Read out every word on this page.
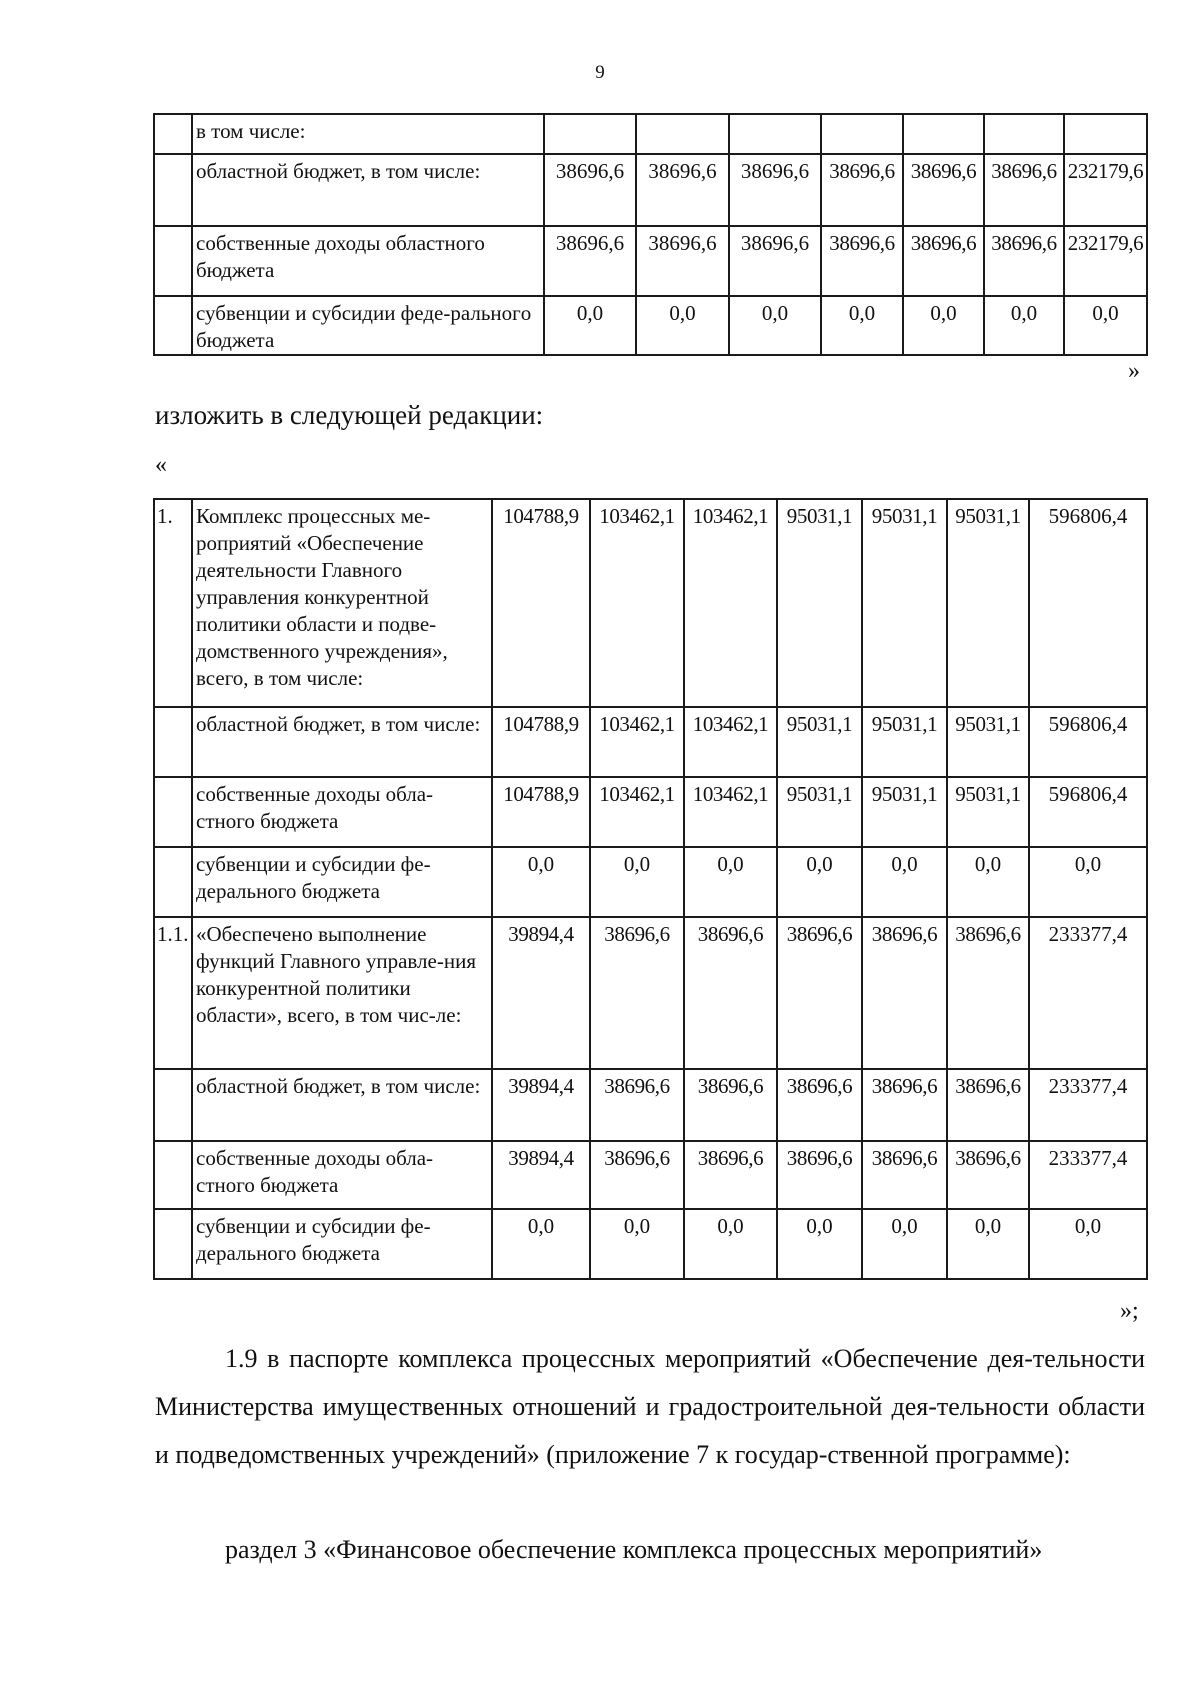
9
	в том числе:							
	областной бюджет, в том числе:	38696,6	38696,6	38696,6	38696,6	38696,6	38696,6	232179,6
	собственные доходы областного бюджета	38696,6	38696,6	38696,6	38696,6	38696,6	38696,6	232179,6
	субвенции и субсидии феде-ральногo бюджета	0,0	0,0	0,0	0,0	0,0	0,0	0,0
»
изложить в следующей редакции:
«
1.	Комплекс процессных ме-роприятий «Обеспечение деятельности Главного управления конкурентной политики области и подве-домственного учреждения», всего, в том числе:	104788,9	103462,1	103462,1	95031,1	95031,1	95031,1	596806,4
	областной бюджет, в том числе:	104788,9	103462,1	103462,1	95031,1	95031,1	95031,1	596806,4
	собственные доходы обла-стного бюджета	104788,9	103462,1	103462,1	95031,1	95031,1	95031,1	596806,4
	субвенции и субсидии фе-дерального бюджета	0,0	0,0	0,0	0,0	0,0	0,0	0,0
1.1.	«Обеспечено выполнение функций Главного управле-ния конкурентной политики области», всего, в том чис-ле:	39894,4	38696,6	38696,6	38696,6	38696,6	38696,6	233377,4
	областной бюджет, в том числе:	39894,4	38696,6	38696,6	38696,6	38696,6	38696,6	233377,4
	собственные доходы обла-стного бюджета	39894,4	38696,6	38696,6	38696,6	38696,6	38696,6	233377,4
	субвенции и субсидии фе-дерального бюджета	0,0	0,0	0,0	0,0	0,0	0,0	0,0
»;
1.9 в паспорте комплекса процессных мероприятий «Обеспечение дея-тельности Министерства имущественных отношений и градостроительной дея-тельности области и подведомственных учреждений» (приложение 7 к государ-ственной программе):
раздел 3 «Финансовое обеспечение комплекса процессных мероприятий»
